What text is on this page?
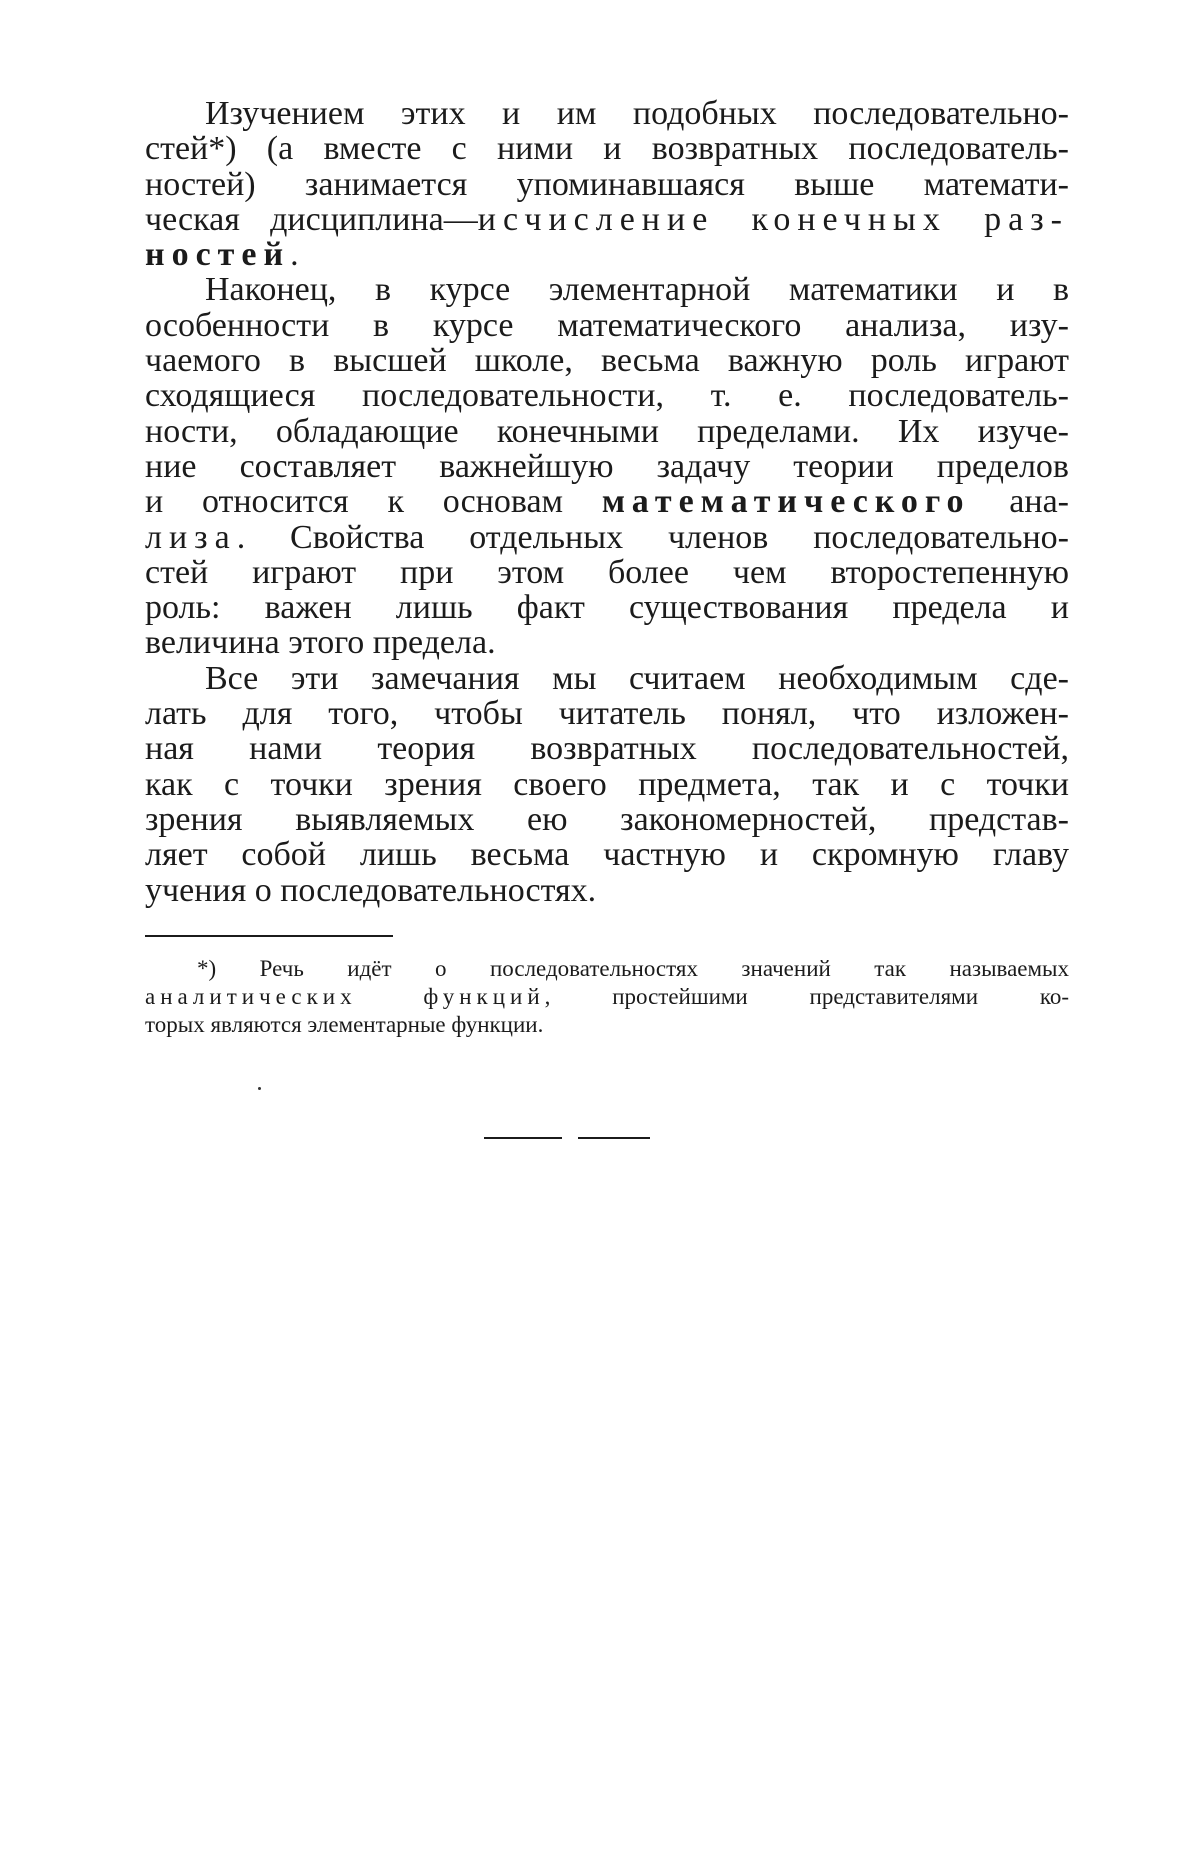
Изучением этих и им подобных последовательно-
стей*) (а вместе с ними и возвратных последователь-
ностей) занимается упоминавшаяся выше математи-
ческая дисциплина—исчисление конечных раз-
ностей.
Наконец, в курсе элементарной математики и в
особенности в курсе математического анализа, изу-
чаемого в высшей школе, весьма важную роль играют
сходящиеся последовательности, т. е. последователь-
ности, обладающие конечными пределами. Их изуче-
ние составляет важнейшую задачу теории пределов
и относится к основам математического ана-
лиза. Свойства отдельных членов последовательно-
стей играют при этом более чем второстепенную
роль: важен лишь факт существования предела и
величина этого предела.
Все эти замечания мы считаем необходимым сде-
лать для того, чтобы читатель понял, что изложен-
ная нами теория возвратных последовательностей,
как с точки зрения своего предмета, так и с точки
зрения выявляемых ею закономерностей, представ-
ляет собой лишь весьма частную и скромную главу
учения о последовательностях.
*) Речь идёт о последовательностях значений так называемых
аналитических функций, простейшими представителями ко-
торых являются элементарные функции.
